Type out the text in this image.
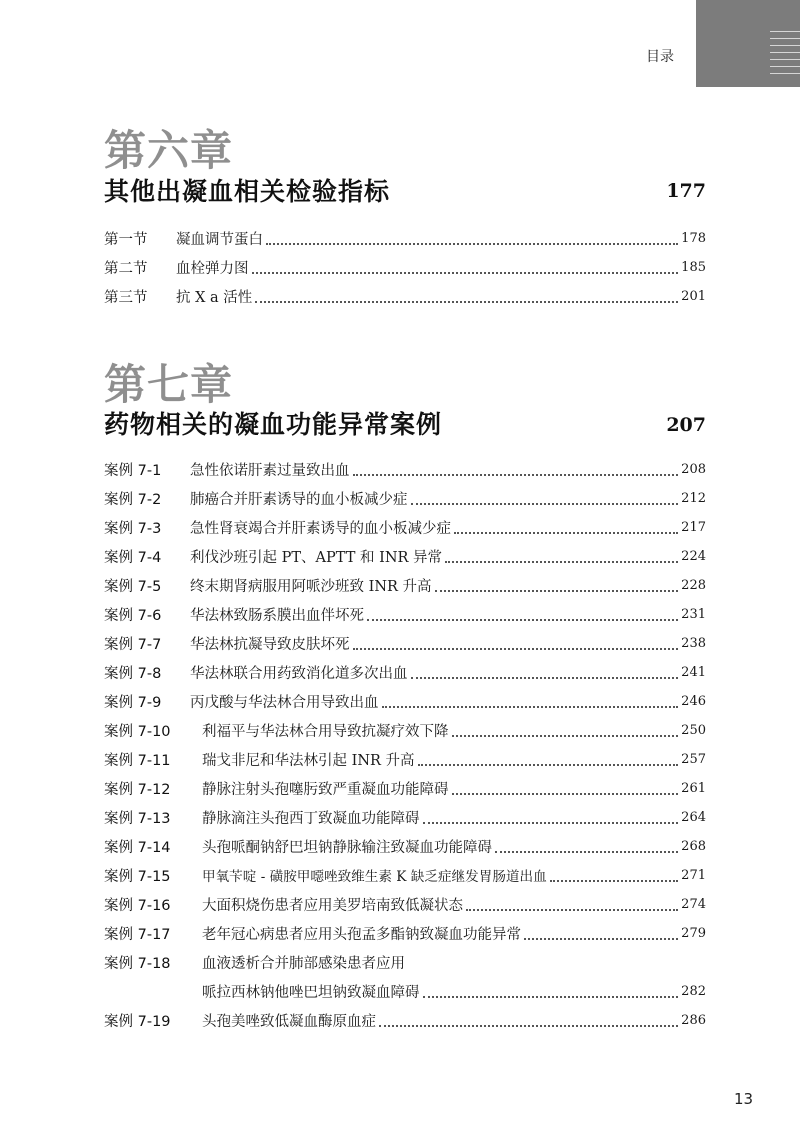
目录
第六章
其他出凝血相关检验指标	177
第一节	凝血调节蛋白	178
第二节	血栓弹力图	185
第三节	抗 X a 活性	201
第七章
药物相关的凝血功能异常案例	207
案例 7-1	急性依诺肝素过量致出血	208
案例 7-2	肺癌合并肝素诱导的血小板减少症	212
案例 7-3	急性肾衰竭合并肝素诱导的血小板减少症	217
案例 7-4	利伐沙班引起 PT、APTT 和 INR 异常	224
案例 7-5	终末期肾病服用阿哌沙班致 INR 升高	228
案例 7-6	华法林致肠系膜出血伴坏死	231
案例 7-7	华法林抗凝导致皮肤坏死	238
案例 7-8	华法林联合用药致消化道多次出血	241
案例 7-9	丙戊酸与华法林合用导致出血	246
案例 7-10	利福平与华法林合用导致抗凝疗效下降	250
案例 7-11	瑞戈非尼和华法林引起 INR 升高	257
案例 7-12	静脉注射头孢噻肟致严重凝血功能障碍	261
案例 7-13	静脉滴注头孢西丁致凝血功能障碍	264
案例 7-14	头孢哌酮钠舒巴坦钠静脉输注致凝血功能障碍	268
案例 7-15	甲氧苄啶 - 磺胺甲噁唑致维生素 K 缺乏症继发胃肠道出血	271
案例 7-16	大面积烧伤患者应用美罗培南致低凝状态	274
案例 7-17	老年冠心病患者应用头孢孟多酯钠致凝血功能异常	279
案例 7-18	血液透析合并肺部感染患者应用
哌拉西林钠他唑巴坦钠致凝血障碍	282
案例 7-19	头孢美唑致低凝血酶原血症	286
13
